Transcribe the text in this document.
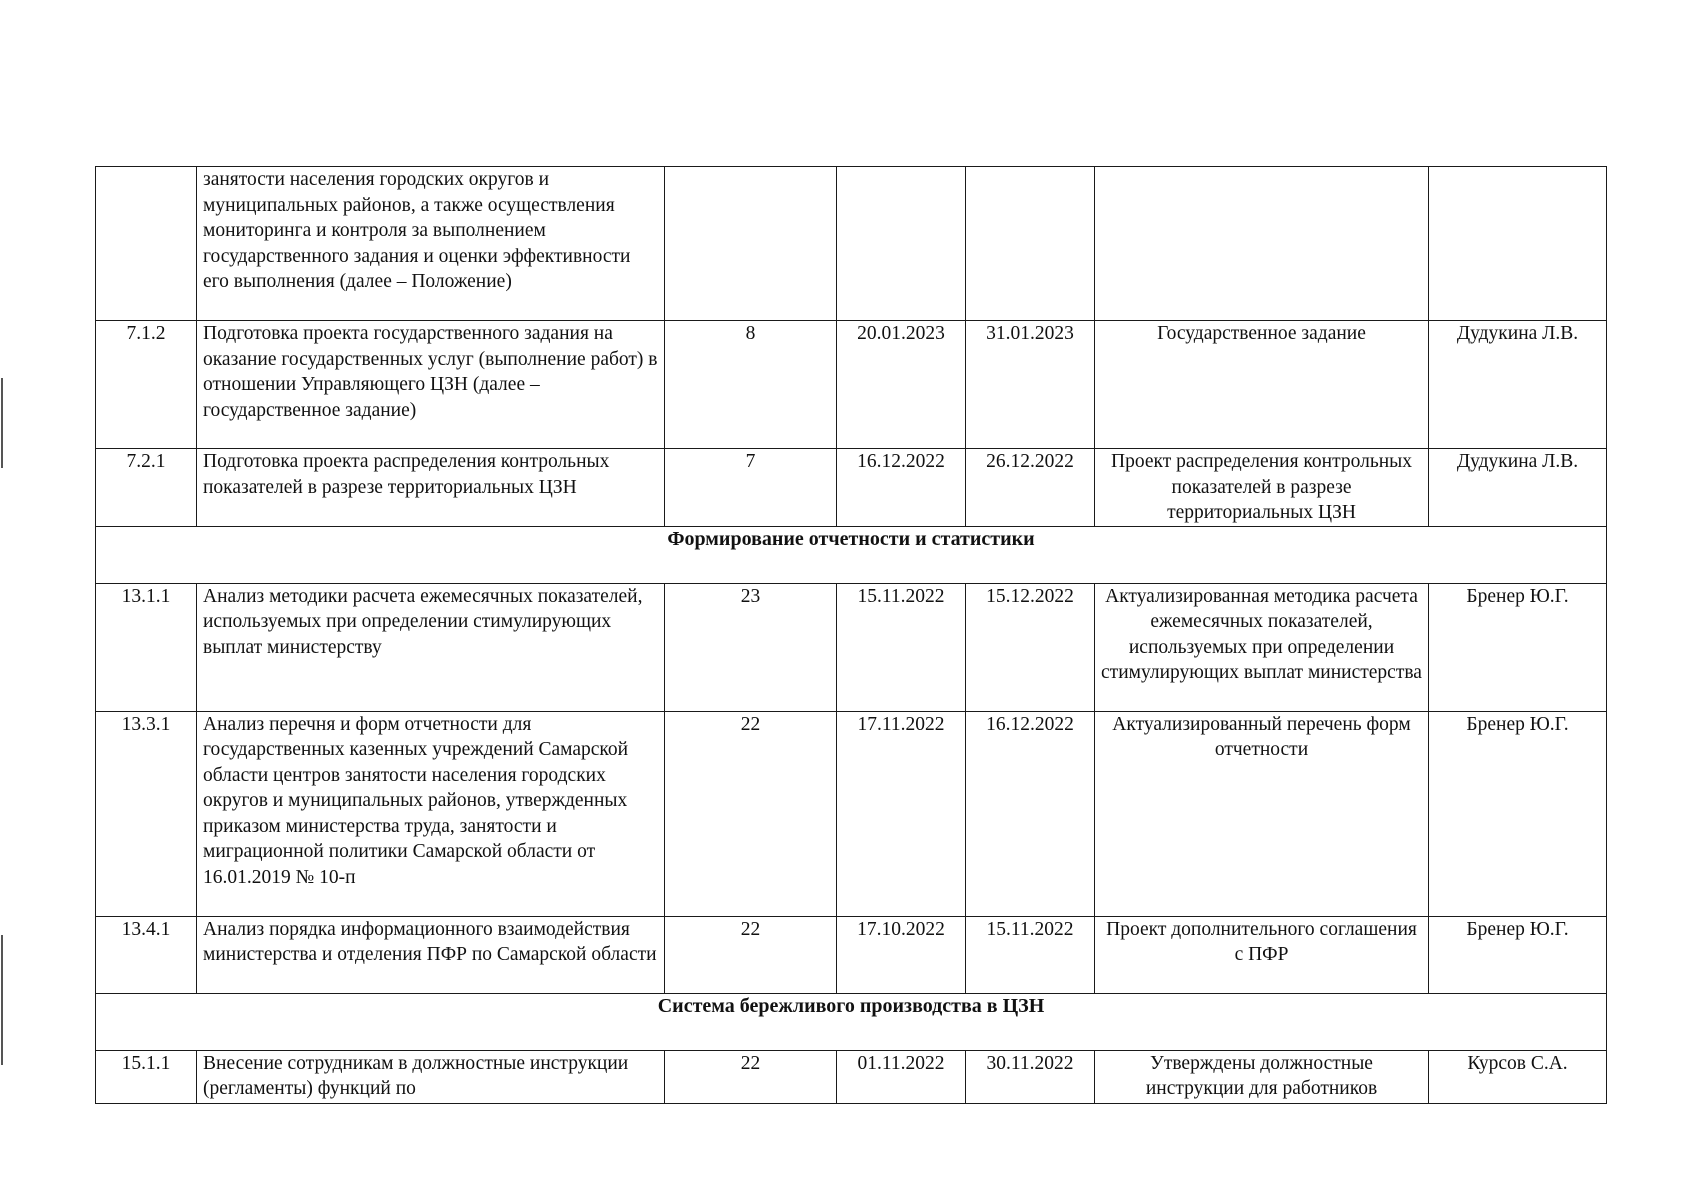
	занятости населения городских округов и муниципальных районов, а также осуществления мониторинга и контроля за выполнением государственного задания и оценки эффективности его выполнения (далее – Положение)					
7.1.2	Подготовка проекта государственного задания на оказание государственных услуг (выполнение работ) в отношении Управляющего ЦЗН (далее – государственное задание)	8	20.01.2023	31.01.2023	Государственное задание	Дудукина Л.В.
7.2.1	Подготовка проекта распределения контрольных показателей в разрезе территориальных ЦЗН	7	16.12.2022	26.12.2022	Проект распределения контрольных показателей в разрезе территориальных ЦЗН	Дудукина Л.В.
Формирование отчетности и статистики						
13.1.1	Анализ методики расчета ежемесячных показателей, используемых при определении стимулирующих выплат министерству	23	15.11.2022	15.12.2022	Актуализированная методика расчета ежемесячных показателей, используемых при определении стимулирующих выплат министерства	Бренер Ю.Г.
13.3.1	Анализ перечня и форм отчетности для государственных казенных учреждений Самарской области центров занятости населения городских округов и муниципальных районов, утвержденных приказом министерства труда, занятости и миграционной политики Самарской области от 16.01.2019 № 10-п	22	17.11.2022	16.12.2022	Актуализированный перечень форм отчетности	Бренер Ю.Г.
13.4.1	Анализ порядка информационного взаимодействия министерства и отделения ПФР по Самарской области	22	17.10.2022	15.11.2022	Проект дополнительного соглашения с ПФР	Бренер Ю.Г.
Система бережливого производства в ЦЗН						
15.1.1	Внесение сотрудникам в должностные инструкции (регламенты) функций по	22	01.11.2022	30.11.2022	Утверждены должностные инструкции для работников	Курсов С.А.
